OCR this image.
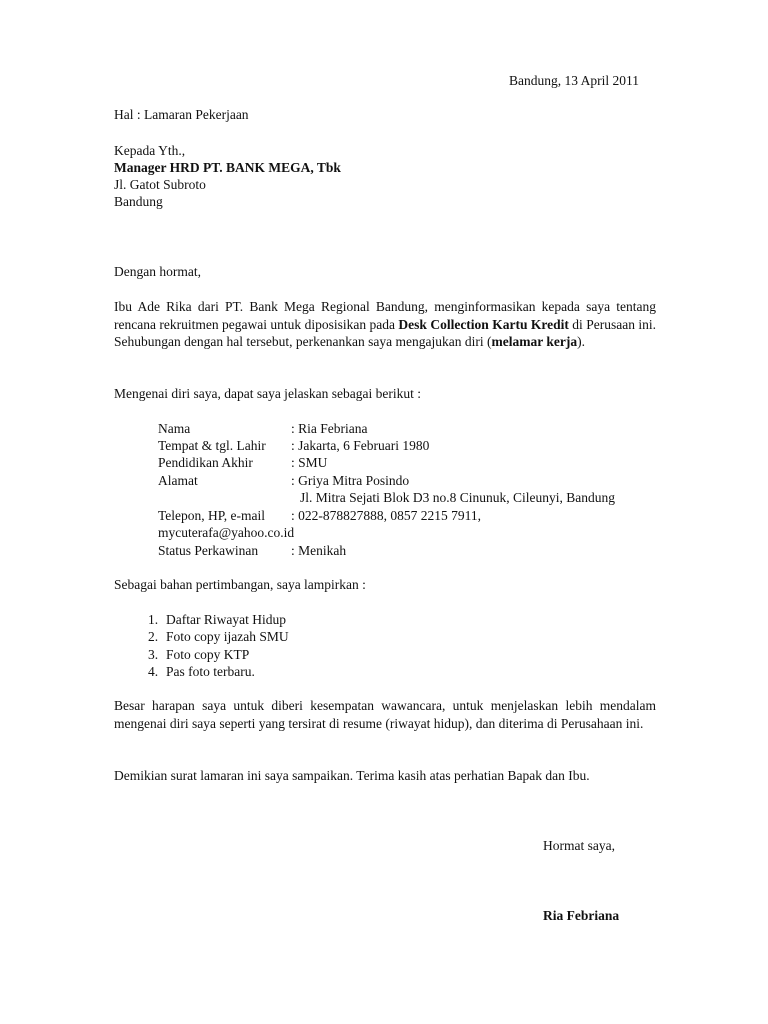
Bandung, 13 April 2011
Hal : Lamaran Pekerjaan
Kepada Yth.,
Manager HRD PT. BANK MEGA, Tbk
Jl. Gatot Subroto
Bandung
Dengan hormat,
Ibu Ade Rika dari PT. Bank Mega Regional Bandung, menginformasikan kepada saya tentang rencana rekruitmen pegawai untuk diposisikan pada Desk Collection Kartu Kredit di Perusaan ini. Sehubungan dengan hal tersebut, perkenankan saya mengajukan diri (melamar kerja).
Mengenai diri saya, dapat saya jelaskan sebagai berikut :
Nama	: Ria Febriana
Tempat & tgl. Lahir : Jakarta, 6 Februari 1980
Pendidikan Akhir	: SMU
Alamat	: Griya Mitra Posindo
Jl. Mitra Sejati Blok D3 no.8 Cinunuk, Cileunyi, Bandung
Telepon, HP, e-mail : 022-878827888, 0857 2215 7911,
mycuterafa@yahoo.co.id
Status Perkawinan : Menikah
Sebagai bahan pertimbangan, saya lampirkan :
1. Daftar Riwayat Hidup
2. Foto copy ijazah SMU
3. Foto copy KTP
4. Pas foto terbaru.
Besar harapan saya untuk diberi kesempatan wawancara, untuk menjelaskan lebih mendalam mengenai diri saya seperti yang tersirat di resume (riwayat hidup), dan diterima di Perusahaan ini.
Demikian surat lamaran ini saya sampaikan. Terima kasih atas perhatian Bapak dan Ibu.
Hormat saya,
Ria Febriana
